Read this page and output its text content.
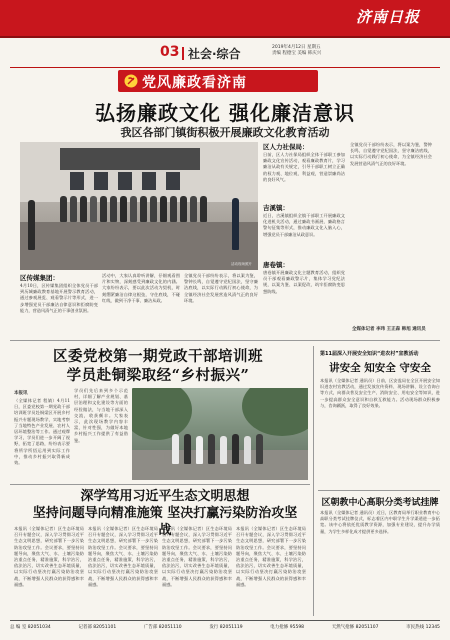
济南日报
03 社会·综合	2019年4月12日 星期五
责编 程德宝 美编 韩庆兴
党风廉政看济南
弘扬廉政文化 强化廉洁意识
我区各部门镇街积极开展廉政文化教育活动
活动现场照片
区传媒集团：
4月10日，区传媒集团组织全体党员干部到历城廉政教育基地开展警示教育活动，通过参观展览、观看警示片等形式，进一步增强党员干部廉洁自律意识和拒腐防变能力，营造风清气正的干事创业氛围。
活动中，大家认真聆听讲解，仔细观看图片和实物，深刻感受到廉政文化的内涵。大家纷纷表示，要以此次活动为契机，时刻绷紧廉洁自律这根弦，守住底线，不碰红线，做到干净干事、廉洁从政。
全镇党员干部纷纷表示，将以案为鉴，警钟长鸣，自觉遵守党纪国法，坚守廉洁底线，以实际行动践行初心使命，为全镇经济社会发展营造风清气正的良好环境。
区人力社保局：
日前，区人力社保局组织全体干部职工参加廉政文化宣传活动，观看廉政教育片，学习廉洁从政有关规定，引导干部职工树立正确的权力观、地位观、利益观，营造崇廉尚洁的良好风气。
吉溪镇：
近日，吉溪镇组织全镇干部职工开展廉政文化进机关活动，通过廉政书画展、廉政格言警句征集等形式，推动廉政文化入脑入心，增强党员干部廉洁从政意识。
唐卷镇：
唐卷镇开展廉政文化主题教育活动，组织党员干部观看廉政警示片，集体学习党纪法规，以案为鉴、以案促改，筑牢拒腐防变思想防线。
全镇党员干部纷纷表示，将以案为鉴，警钟长鸣，自觉遵守党纪国法，坚守廉洁底线，以实际行动践行初心使命，为全镇经济社会发展营造风清气正的良好环境。
全媒体记者 李玮 王正森 韩旭 通讯员
区委党校第一期党政干部培训班
学员赴铜梁取经“乡村振兴”
本报讯
（全媒体记者 程婧）4月11日，区委党校第一期党政干部培训班学员赴铜梁区开展乡村振兴专题现场教学，实地考察了当地特色产业发展、农村人居环境整治等工作。通过观摩学习，学员们进一步开阔了视野，拓宽了思路，纷纷表示要将所学所悟运用到实际工作中，推动乡村振兴取得新成效。
学员们先后来到多个示范村，详细了解产业规划、基层治理和文化建设等方面的经验做法，与当地干部深入交流，收获颇丰。大家表示，此次现场教学内容丰富，针对性强，为做好本地乡村振兴工作提供了有益借鉴。
深学笃用习近平生态文明思想
坚持问题导向精准施策 坚决打赢污染防治攻坚战
本报讯（全媒体记者）区生态环境局召开专题会议，深入学习贯彻习近平生态文明思想，研究部署下一步污染防治攻坚工作。会议要求，要坚持问题导向，聚焦大气、水、土壤污染防治重点任务，精准施策，科学治污，依法治污，切实改善生态环境质量，以实际行动坚决打赢污染防治攻坚战，不断增强人民群众的获得感和幸福感。
本报讯（全媒体记者）区生态环境局召开专题会议，深入学习贯彻习近平生态文明思想，研究部署下一步污染防治攻坚工作。会议要求，要坚持问题导向，聚焦大气、水、土壤污染防治重点任务，精准施策，科学治污，依法治污，切实改善生态环境质量，以实际行动坚决打赢污染防治攻坚战，不断增强人民群众的获得感和幸福感。
本报讯（全媒体记者）区生态环境局召开专题会议，深入学习贯彻习近平生态文明思想，研究部署下一步污染防治攻坚工作。会议要求，要坚持问题导向，聚焦大气、水、土壤污染防治重点任务，精准施策，科学治污，依法治污，切实改善生态环境质量，以实际行动坚决打赢污染防治攻坚战，不断增强人民群众的获得感和幸福感。
本报讯（全媒体记者）区生态环境局召开专题会议，深入学习贯彻习近平生态文明思想，研究部署下一步污染防治攻坚工作。会议要求，要坚持问题导向，聚焦大气、水、土壤污染防治重点任务，精准施策，科学治污，依法治污，切实改善生态环境质量，以实际行动坚决打赢污染防治攻坚战，不断增强人民群众的获得感和幸福感。
第11届深入开展安全知识“进农村”宣教活动
讲安全 知安全 守安全
本报讯（全媒体记者 通讯员）日前，区安监局在全区开展安全知识进农村宣教活动，通过发放宣传资料、现场讲解、设立咨询台等方式，向群众普及安全生产、消防安全、用电安全等知识，进一步提高群众安全意识和自救互救能力。活动现场群众积极参与，咨询踊跃，取得了良好效果。
区朝教中心高职分类考试挂牌
本报讯（全媒体记者 通讯员）近日，区教育局举行职业教育中心高职分类考试挂牌仪式，标志着区内中职学生升学渠道进一步拓宽。该中心将依托优质教学资源，加强专业建设，提升办学质量，为学生多样化成才提供更多选择。
总 编 室 82051034	记者部 82051101	广告部 82051110	发行 82051119	电力抢修 95598	天然气抢修 82051107	市民热线 12345
